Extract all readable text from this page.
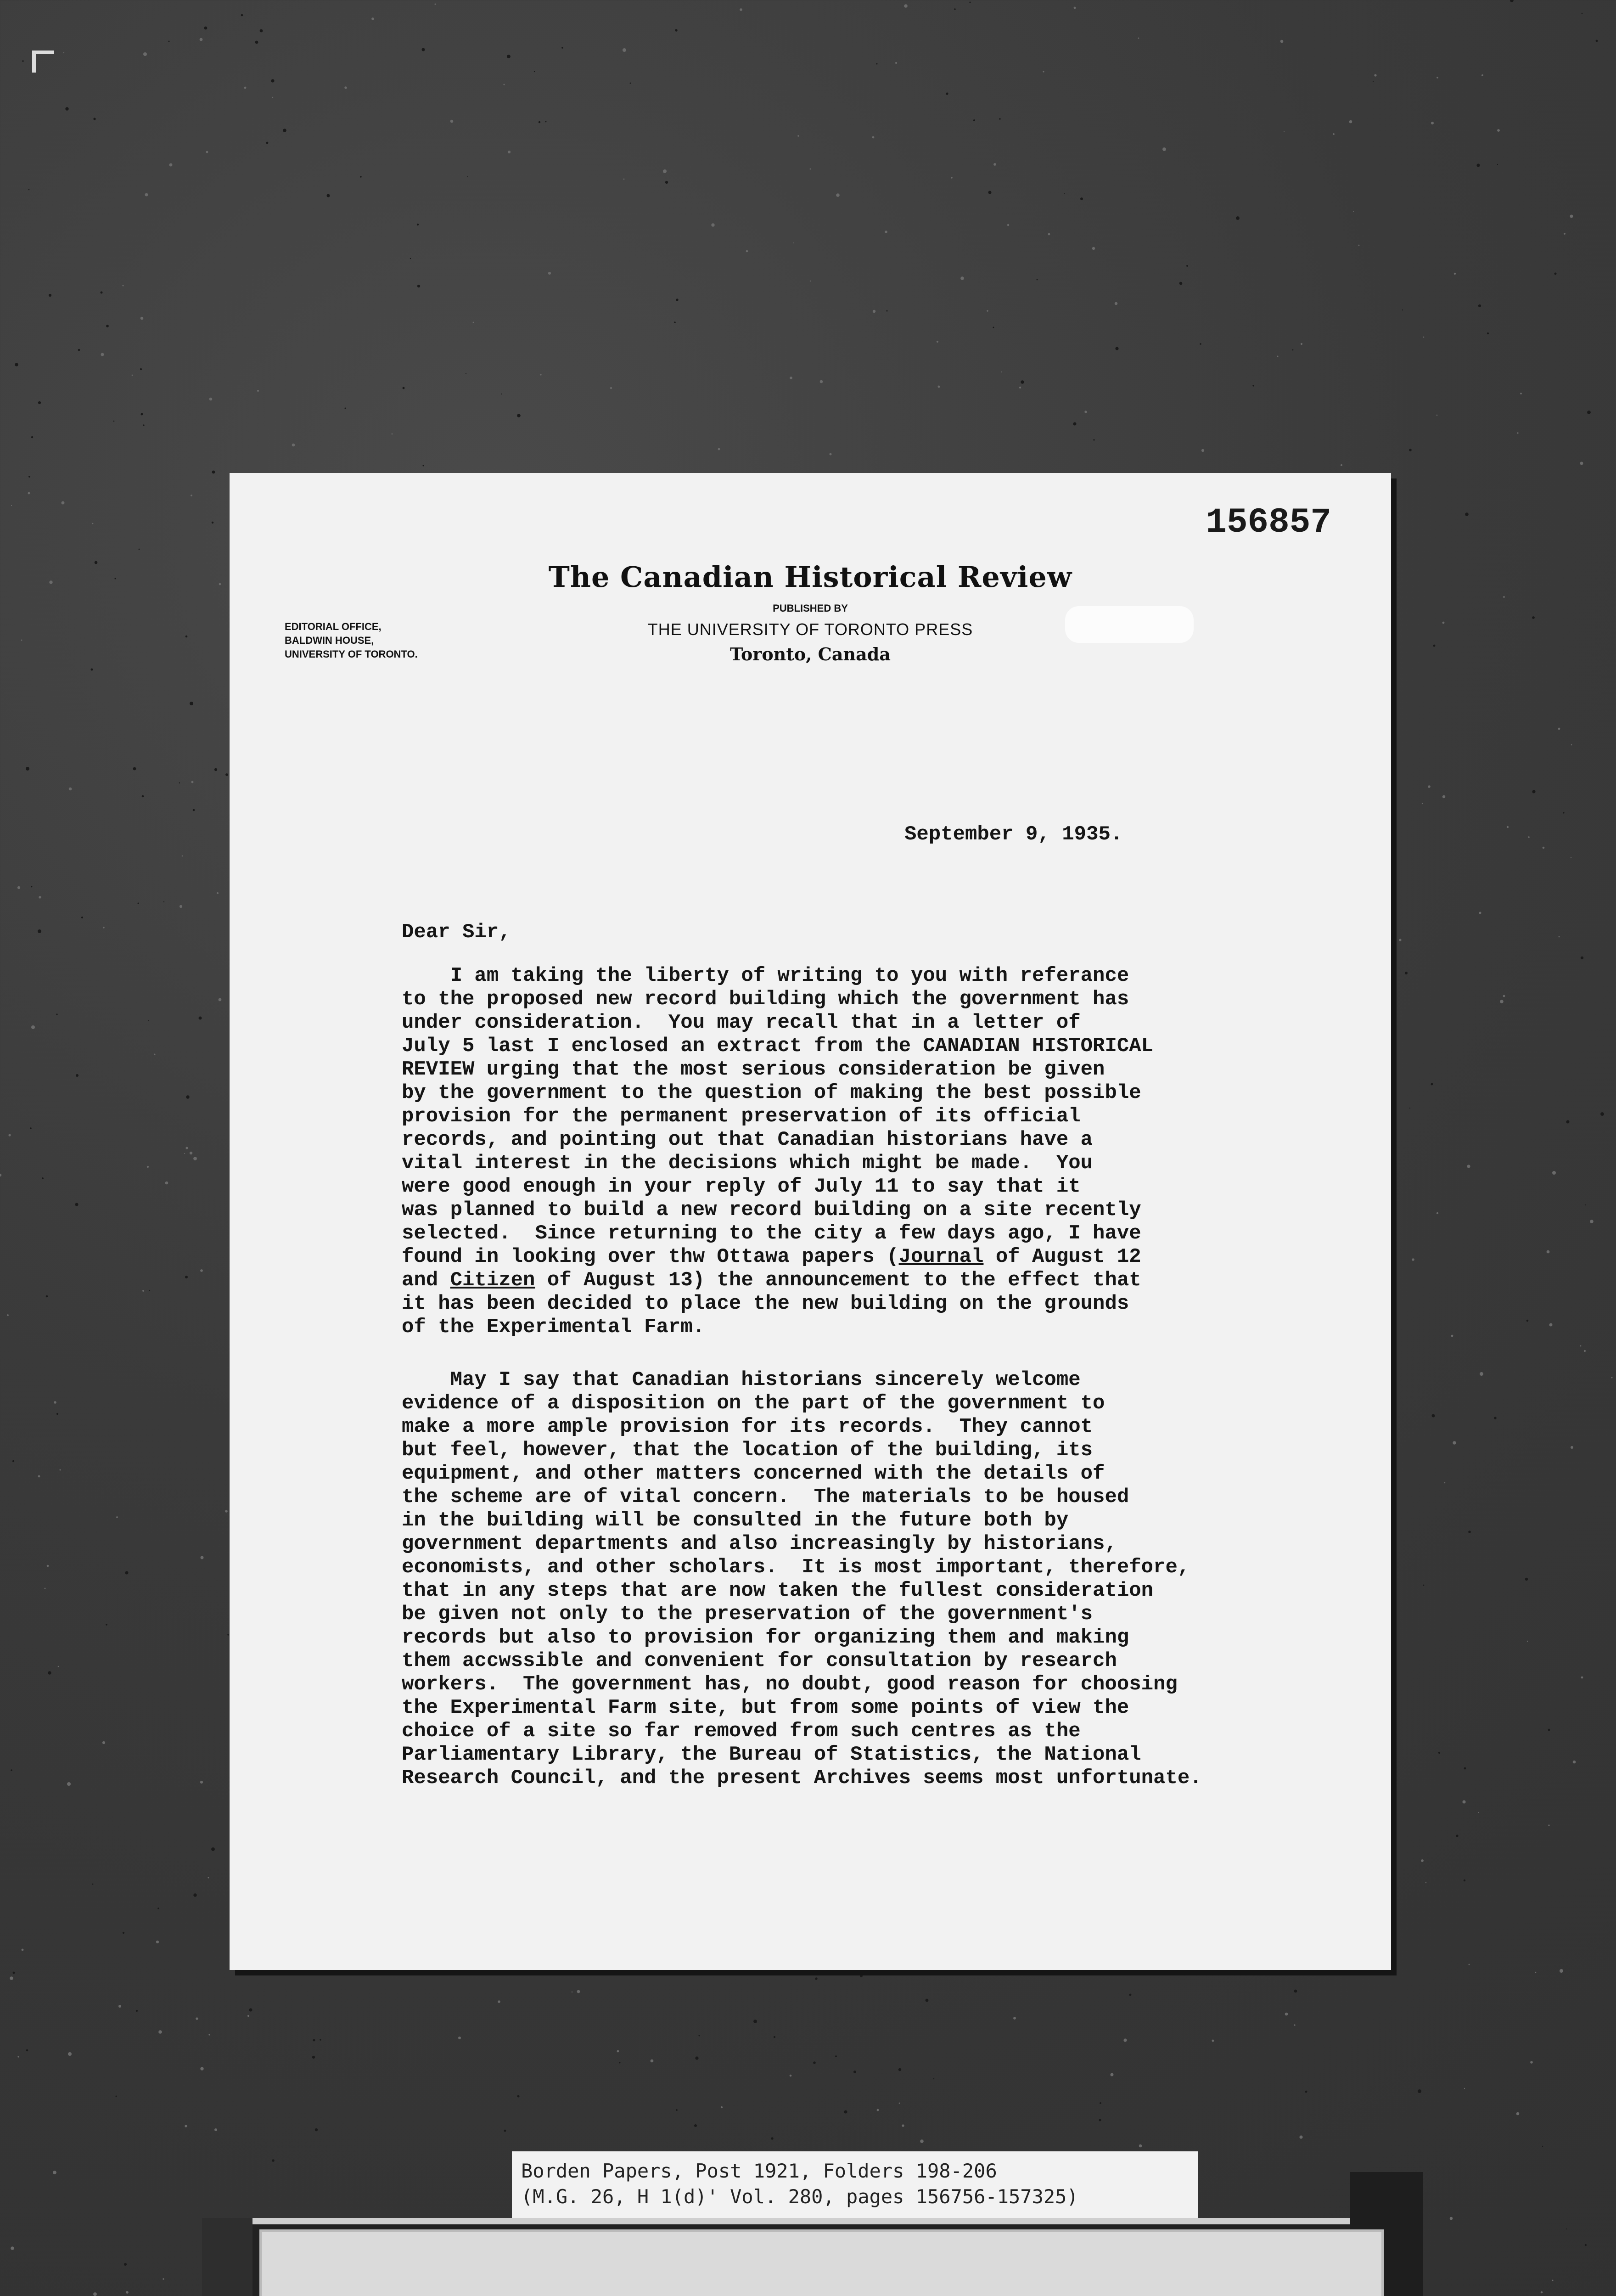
156857
The Canadian Historical Review
PUBLISHED BY
THE UNIVERSITY OF TORONTO PRESS
Toronto, Canada
EDITORIAL OFFICE,
BALDWIN HOUSE,
UNIVERSITY OF TORONTO.
September 9, 1935.
Dear Sir,
I am taking the liberty of writing to you with referance
to the proposed new record building which the government has
under consideration.  You may recall that in a letter of
July 5 last I enclosed an extract from the CANADIAN HISTORICAL
REVIEW urging that the most serious consideration be given
by the government to the question of making the best possible
provision for the permanent preservation of its official
records, and pointing out that Canadian historians have a
vital interest in the decisions which might be made.  You
were good enough in your reply of July 11 to say that it
was planned to build a new record building on a site recently
selected.  Since returning to the city a few days ago, I have
found in looking over thw Ottawa papers (Journal of August 12
and Citizen of August 13) the announcement to the effect that
it has been decided to place the new building on the grounds
of the Experimental Farm.
May I say that Canadian historians sincerely welcome
evidence of a disposition on the part of the government to
make a more ample provision for its records.  They cannot
but feel, however, that the location of the building, its
equipment, and other matters concerned with the details of
the scheme are of vital concern.  The materials to be housed
in the building will be consulted in the future both by
government departments and also increasingly by historians,
economists, and other scholars.  It is most important, therefore,
that in any steps that are now taken the fullest consideration
be given not only to the preservation of the government's
records but also to provision for organizing them and making
them accwssible and convenient for consultation by research
workers.  The government has, no doubt, good reason for choosing
the Experimental Farm site, but from some points of view the
choice of a site so far removed from such centres as the
Parliamentary Library, the Bureau of Statistics, the National
Research Council, and the present Archives seems most unfortunate.
Borden Papers, Post 1921, Folders 198-206
(M.G. 26, H 1(d)' Vol. 280, pages 156756-157325)
